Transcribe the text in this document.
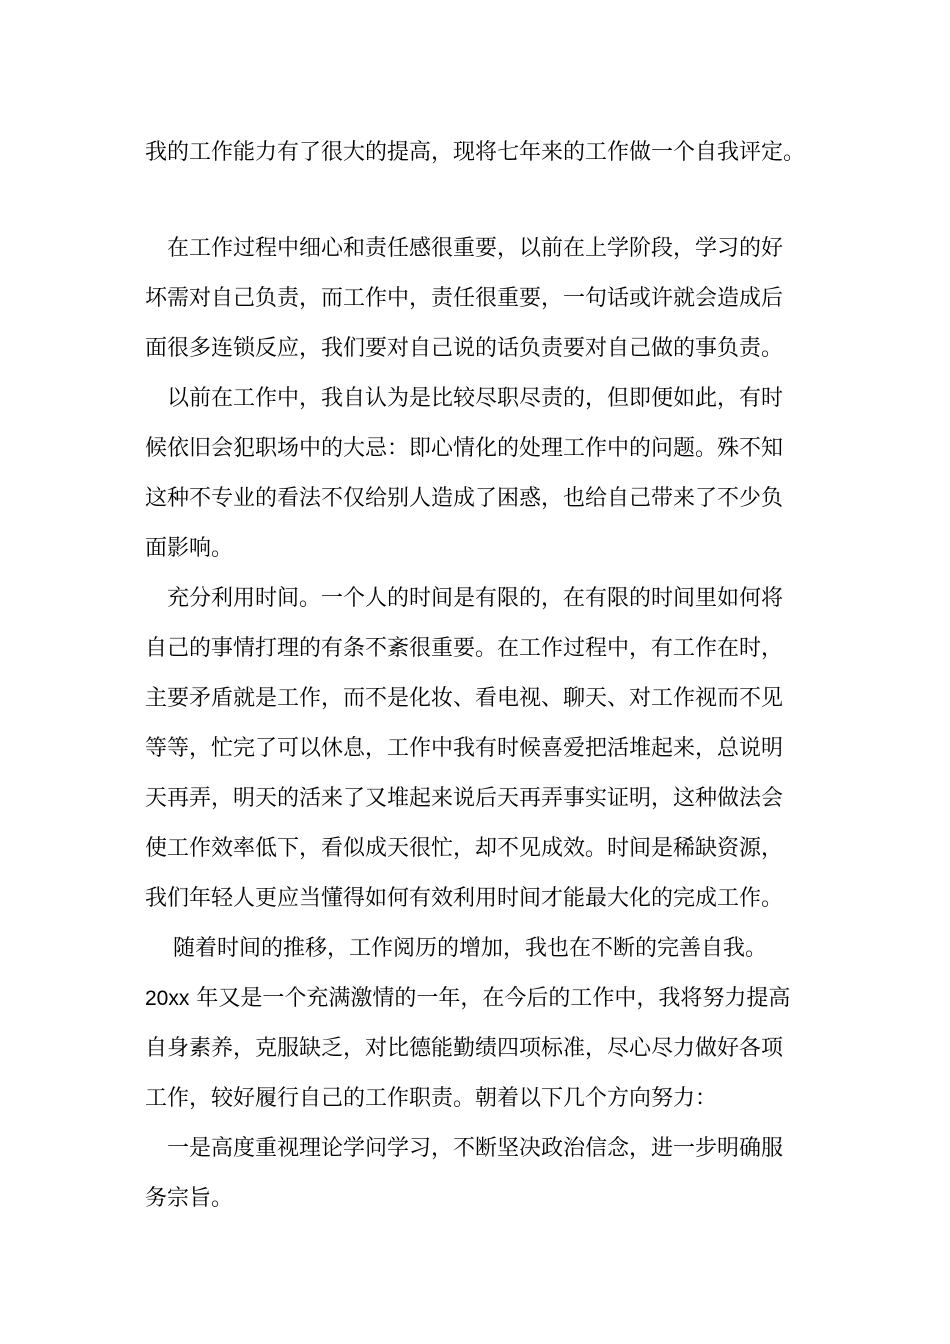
我的工作能力有了很大的提高，现将七年来的工作做一个自我评定。
在工作过程中细心和责任感很重要，以前在上学阶段，学习的好
坏需对自己负责，而工作中，责任很重要，一句话或许就会造成后
面很多连锁反应，我们要对自己说的话负责要对自己做的事负责。
以前在工作中，我自认为是比较尽职尽责的，但即便如此，有时
候依旧会犯职场中的大忌：即心情化的处理工作中的问题。殊不知
这种不专业的看法不仅给别人造成了困惑，也给自己带来了不少负
面影响。
充分利用时间。一个人的时间是有限的，在有限的时间里如何将
自己的事情打理的有条不紊很重要。在工作过程中，有工作在时，
主要矛盾就是工作，而不是化妆、看电视、聊天、对工作视而不见
等等，忙完了可以休息，工作中我有时候喜爱把活堆起来，总说明
天再弄，明天的活来了又堆起来说后天再弄事实证明，这种做法会
使工作效率低下，看似成天很忙，却不见成效。时间是稀缺资源，
我们年轻人更应当懂得如何有效利用时间才能最大化的完成工作。
随着时间的推移，工作阅历的增加，我也在不断的完善自我。
20xx 年又是一个充满激情的一年，在今后的工作中，我将努力提高
自身素养，克服缺乏，对比德能勤绩四项标准，尽心尽力做好各项
工作，较好履行自己的工作职责。朝着以下几个方向努力：
一是高度重视理论学问学习，不断坚决政治信念，进一步明确服
务宗旨。
